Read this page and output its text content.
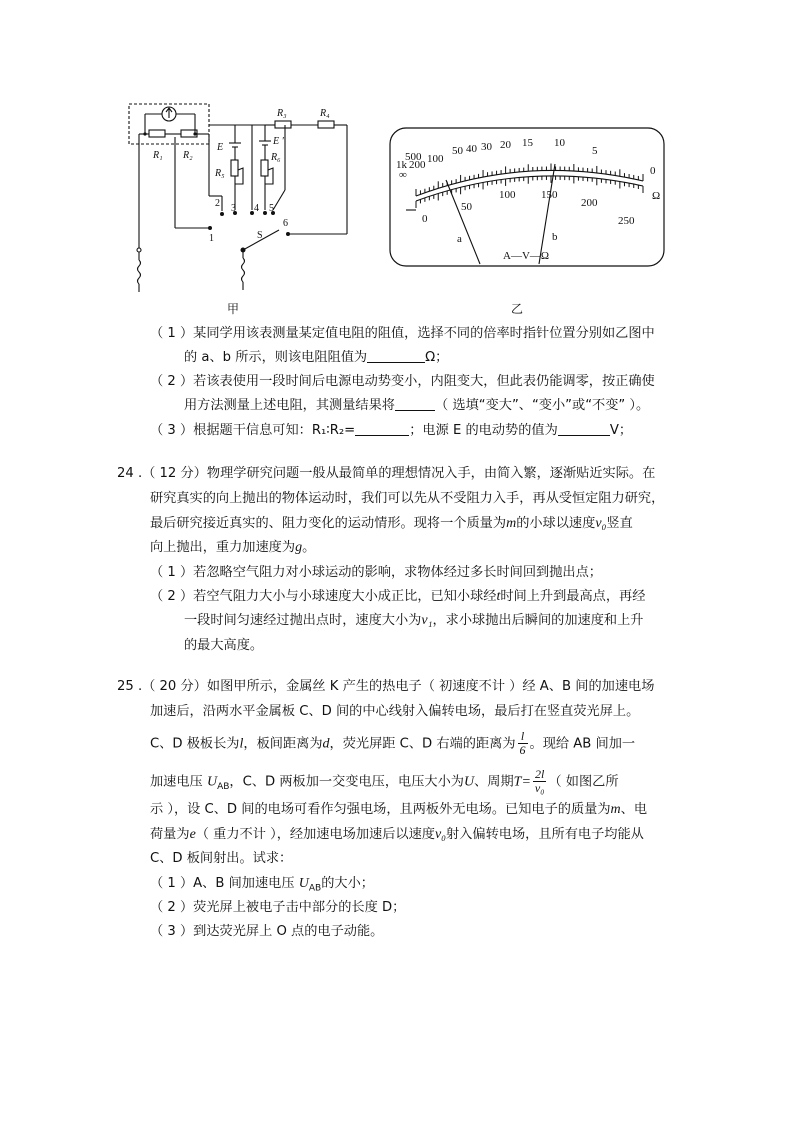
R₁ R₂
R₃	R₄
R₅
R₆
E
E ′
S
1
2 3 4 5
6
甲
∞
1k
500
200 100
50 40 30 20 15 10
5
0
Ω
0
50
100 150
200
250
a	b
A—V—Ω
乙
（ 1 ）某同学用该表测量某定值电阻的阻值，选择不同的倍率时指针位置分别如乙图中
的 a、b 所示，则该电阻阻值为	Ω；
（ 2 ）若该表使用一段时间后电源电动势变小，内阻变大，但此表仍能调零，按正确使
用方法测量上述电阻，其测量结果将	（ 选填“变大”、“变小”或“不变” ）。
（ 3 ）根据题干信息可知：R₁∶R₂=	；电源 E 的电动势的值为	V；
24 .（ 12 分）物理学研究问题一般从最简单的理想情况入手，由简入繁，逐渐贴近实际。在
研究真实的向上抛出的物体运动时，我们可以先从不受阻力入手，再从受恒定阻力研究，
最后研究接近真实的、阻力变化的运动情形。现将一个质量为m的小球以速度v₀竖直
向上抛出，重力加速度为g。
（ 1 ）若忽略空气阻力对小球运动的影响，求物体经过多长时间回到抛出点；
（ 2 ）若空气阻力大小与小球速度大小成正比，已知小球经t时间上升到最高点，再经
一段时间匀速经过抛出点时，速度大小为v₁，求小球抛出后瞬间的加速度和上升
的最大高度。
25 .（ 20 分）如图甲所示，金属丝 K 产生的热电子（ 初速度不计 ）经 A、B 间的加速电场
加速后，沿两水平金属板 C、D 间的中心线射入偏转电场，最后打在竖直荧光屏上。
C、D 极板长为l，板间距离为d，荧光屏距 C、D 右端的距离为 $\frac{l}{6}$ 。现给 AB 间加一
加速电压 $U_{AB}$，C、D 两板加一交变电压，电压大小为U、周期$T= \frac{2l}{\text{v₀}}$ （ 如图乙所
示 ），设 C、D 间的电场可看作匀强电场，且两板外无电场。已知电子的质量为m、电
荷量为e（ 重力不计 ），经加速电场加速后以速度v₀射入偏转电场，且所有电子均能从
C、D 板间射出。试求：
（ 1 ）A、B 间加速电压 $U_{AB}$的大小；
（ 2 ）荧光屏上被电子击中部分的长度 D；
（ 3 ）到达荧光屏上 O 点的电子动能。
